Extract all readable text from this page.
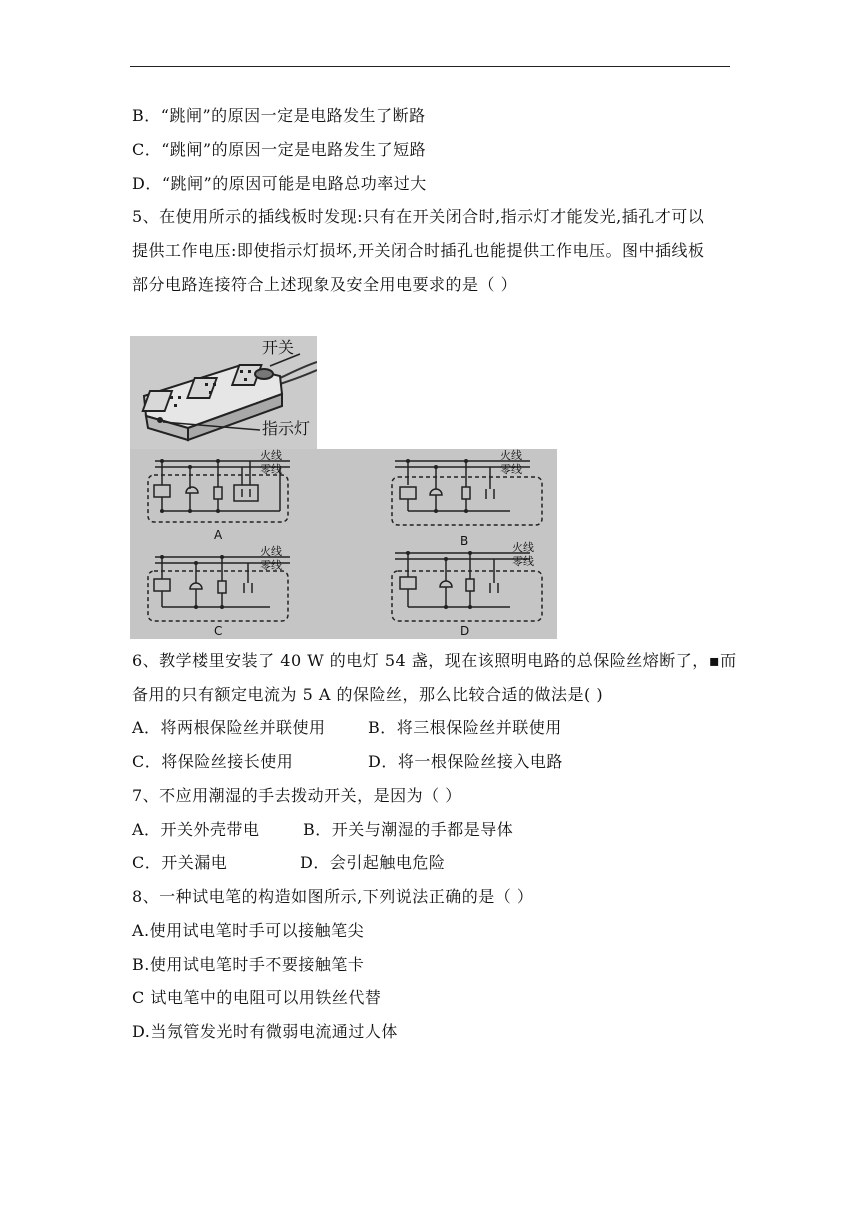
B．“跳闸”的原因一定是电路发生了断路
C．“跳闸”的原因一定是电路发生了短路
D．“跳闸”的原因可能是电路总功率过大
5、在使用所示的插线板时发现:只有在开关闭合时,指示灯才能发光,插孔才可以
提供工作电压:即使指示灯损坏,开关闭合时插孔也能提供工作电压。图中插线板
部分电路连接符合上述现象及安全用电要求的是（ ）
开关
指示灯
火线
零线
A
火线
零线
B
火线
零线
C
火线
零线
D
6、教学楼里安装了 40 W 的电灯 54 盏，现在该照明电路的总保险丝熔断了，▪而
备用的只有额定电流为 5 A 的保险丝，那么比较合适的做法是( )
A．将两根保险丝并联使用	B．将三根保险丝并联使用
C．将保险丝接长使用	D．将一根保险丝接入电路
7、不应用潮湿的手去拨动开关，是因为（ ）
A．开关外壳带电	B．开关与潮湿的手都是导体
C．开关漏电	D．会引起触电危险
8、一种试电笔的构造如图所示,下列说法正确的是（ ）
A.使用试电笔时手可以接触笔尖
B.使用试电笔时手不要接触笔卡
C 试电笔中的电阻可以用铁丝代替
D.当氖管发光时有微弱电流通过人体
